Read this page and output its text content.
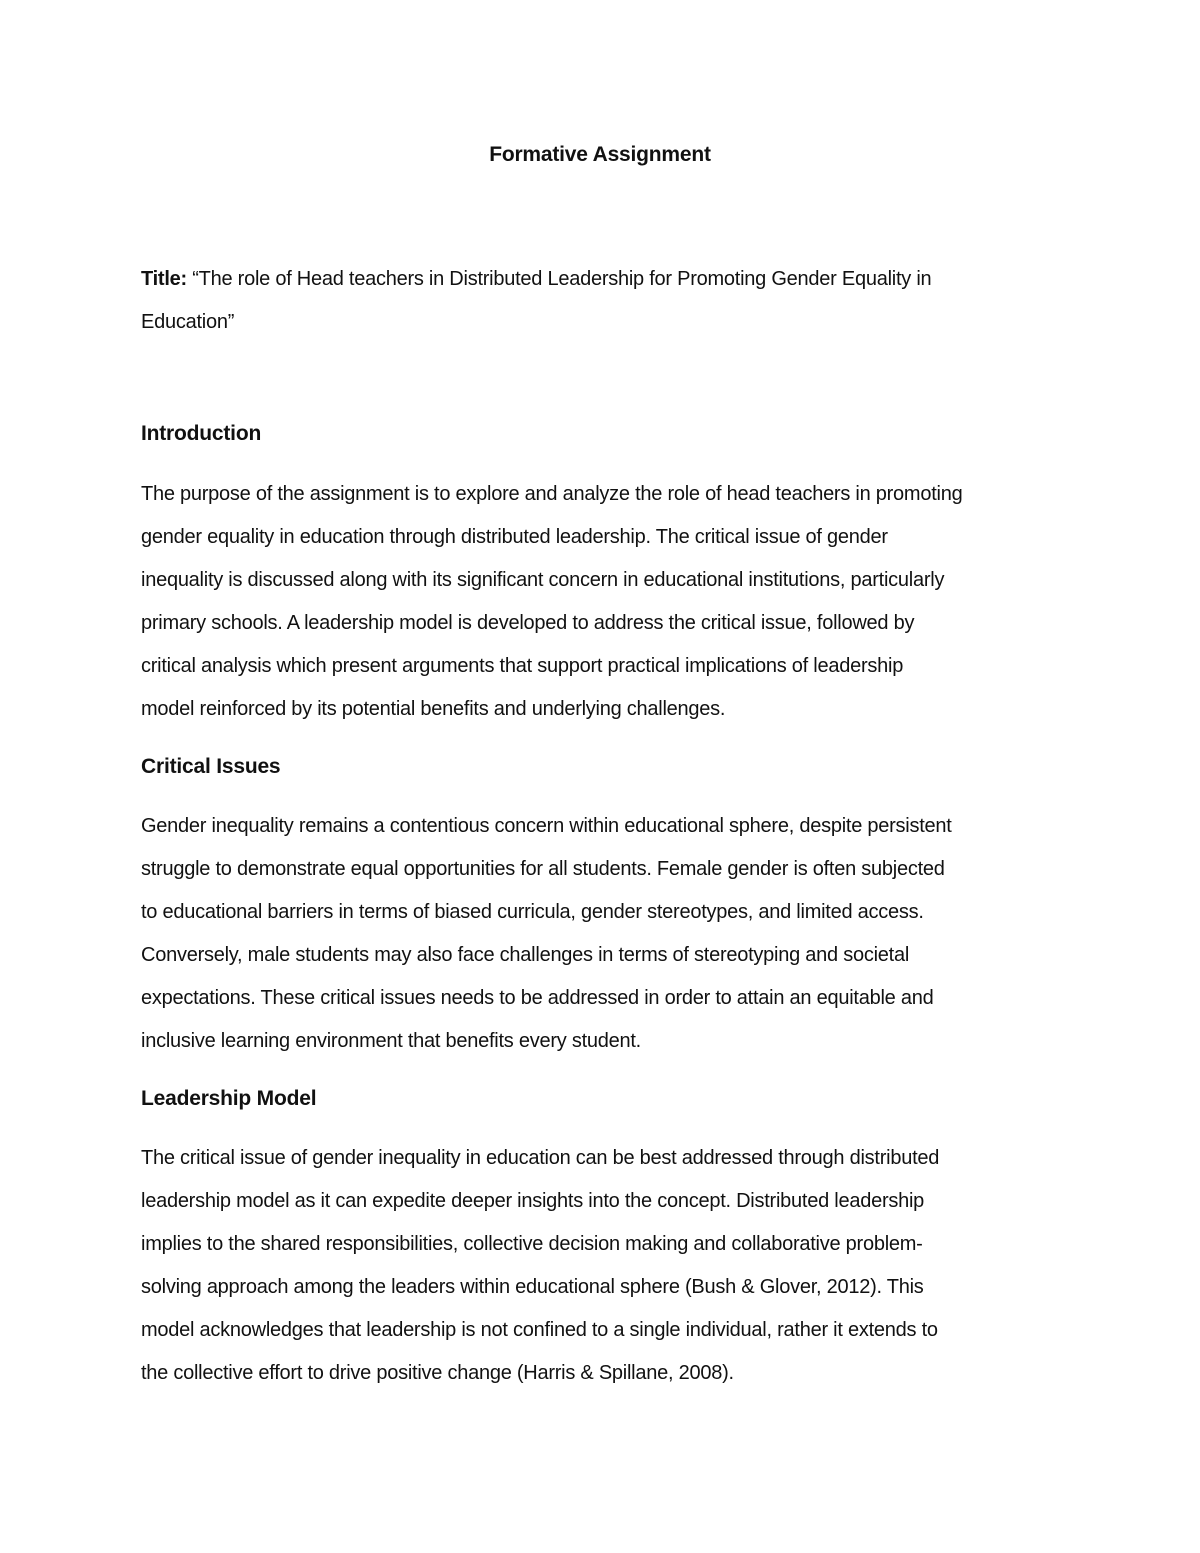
Formative Assignment
Title: “The role of Head teachers in Distributed Leadership for Promoting Gender Equality in
Education”
Introduction
The purpose of the assignment is to explore and analyze the role of head teachers in promoting
gender equality in education through distributed leadership. The critical issue of gender
inequality is discussed along with its significant concern in educational institutions, particularly
primary schools. A leadership model is developed to address the critical issue, followed by
critical analysis which present arguments that support practical implications of leadership
model reinforced by its potential benefits and underlying challenges.
Critical Issues
Gender inequality remains a contentious concern within educational sphere, despite persistent
struggle to demonstrate equal opportunities for all students. Female gender is often subjected
to educational barriers in terms of biased curricula, gender stereotypes, and limited access.
Conversely, male students may also face challenges in terms of stereotyping and societal
expectations. These critical issues needs to be addressed in order to attain an equitable and
inclusive learning environment that benefits every student.
Leadership Model
The critical issue of gender inequality in education can be best addressed through distributed
leadership model as it can expedite deeper insights into the concept. Distributed leadership
implies to the shared responsibilities, collective decision making and collaborative problem-
solving approach among the leaders within educational sphere (Bush & Glover, 2012). This
model acknowledges that leadership is not confined to a single individual, rather it extends to
the collective effort to drive positive change (Harris & Spillane, 2008).
